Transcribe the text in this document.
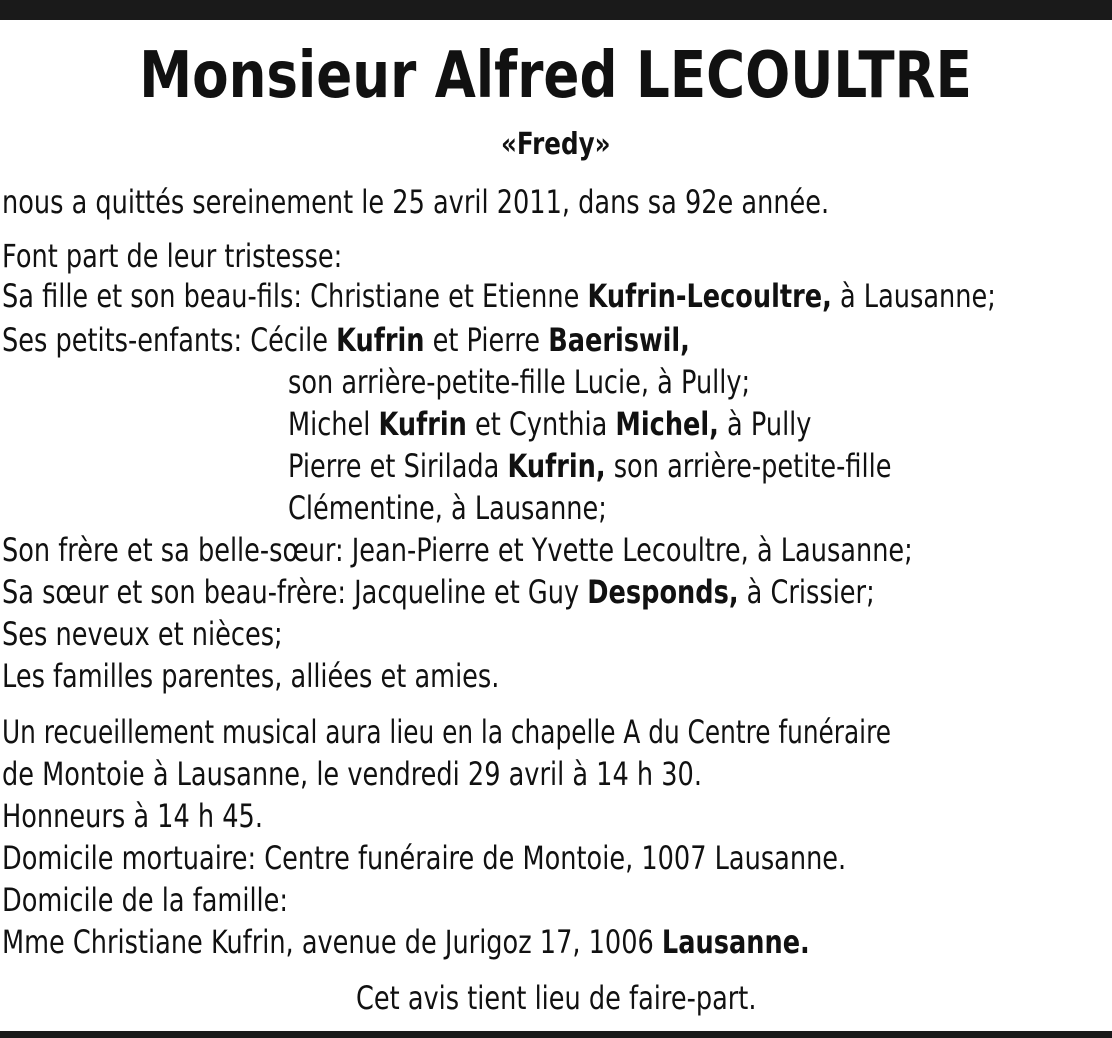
Monsieur Alfred LECOULTRE
«Fredy»
nous a quittés sereinement le 25 avril 2011, dans sa 92e année.
Font part de leur tristesse:
Sa fille et son beau-fils: Christiane et Etienne Kufrin-Lecoultre, à Lausanne;
Ses petits-enfants: Cécile Kufrin et Pierre Baeriswil,
son arrière-petite-fille Lucie, à Pully;
Michel Kufrin et Cynthia Michel, à Pully
Pierre et Sirilada Kufrin, son arrière-petite-fille
Clémentine, à Lausanne;
Son frère et sa belle-sœur: Jean-Pierre et Yvette Lecoultre, à Lausanne;
Sa sœur et son beau-frère: Jacqueline et Guy Desponds, à Crissier;
Ses neveux et nièces;
Les familles parentes, alliées et amies.
Un recueillement musical aura lieu en la chapelle A du Centre funéraire
de Montoie à Lausanne, le vendredi 29 avril à 14 h 30.
Honneurs à 14 h 45.
Domicile mortuaire: Centre funéraire de Montoie, 1007 Lausanne.
Domicile de la famille:
Mme Christiane Kufrin, avenue de Jurigoz 17, 1006 Lausanne.
Cet avis tient lieu de faire-part.
